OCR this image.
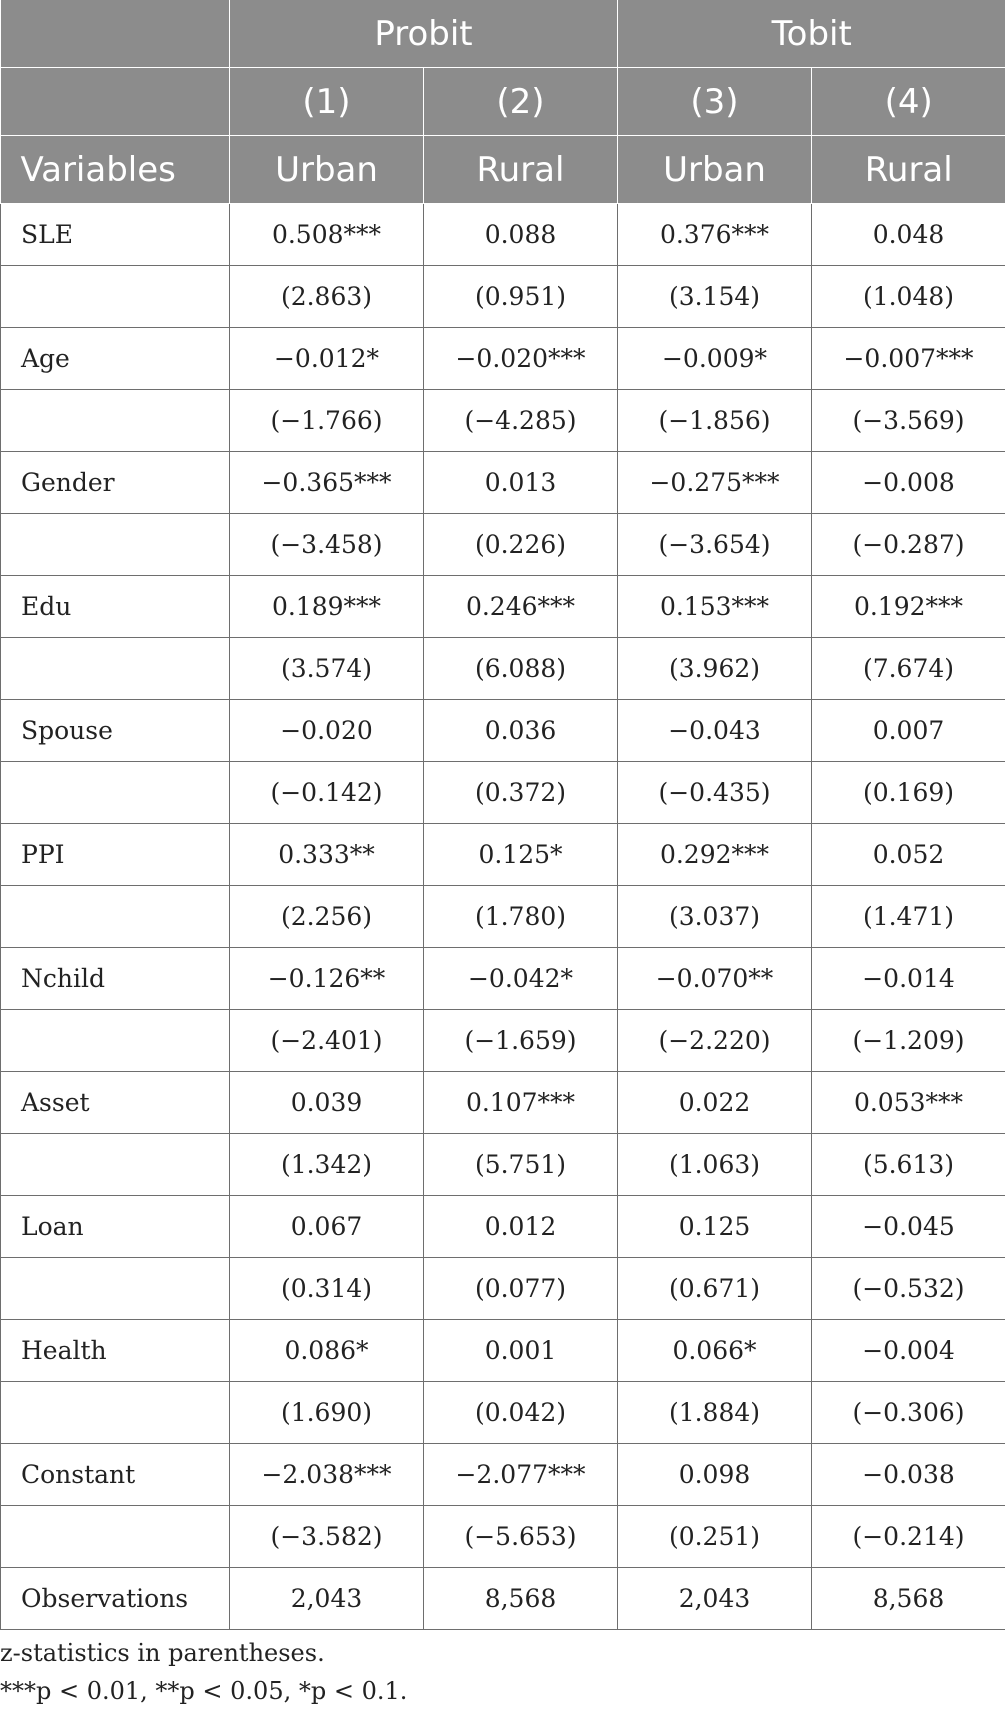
	Probit		Tobit	
	(1)	(2)	(3)	(4)
Variables	Urban	Rural	Urban	Rural
SLE	0.508***	0.088	0.376***	0.048
	(2.863)	(0.951)	(3.154)	(1.048)
Age	−0.012*	−0.020***	−0.009*	−0.007***
	(−1.766)	(−4.285)	(−1.856)	(−3.569)
Gender	−0.365***	0.013	−0.275***	−0.008
	(−3.458)	(0.226)	(−3.654)	(−0.287)
Edu	0.189***	0.246***	0.153***	0.192***
	(3.574)	(6.088)	(3.962)	(7.674)
Spouse	−0.020	0.036	−0.043	0.007
	(−0.142)	(0.372)	(−0.435)	(0.169)
PPI	0.333**	0.125*	0.292***	0.052
	(2.256)	(1.780)	(3.037)	(1.471)
Nchild	−0.126**	−0.042*	−0.070**	−0.014
	(−2.401)	(−1.659)	(−2.220)	(−1.209)
Asset	0.039	0.107***	0.022	0.053***
	(1.342)	(5.751)	(1.063)	(5.613)
Loan	0.067	0.012	0.125	−0.045
	(0.314)	(0.077)	(0.671)	(−0.532)
Health	0.086*	0.001	0.066*	−0.004
	(1.690)	(0.042)	(1.884)	(−0.306)
Constant	−2.038***	−2.077***	0.098	−0.038
	(−3.582)	(−5.653)	(0.251)	(−0.214)
Observations	2,043	8,568	2,043	8,568
z-statistics in parentheses.
***p < 0.01, **p < 0.05, *p < 0.1.
